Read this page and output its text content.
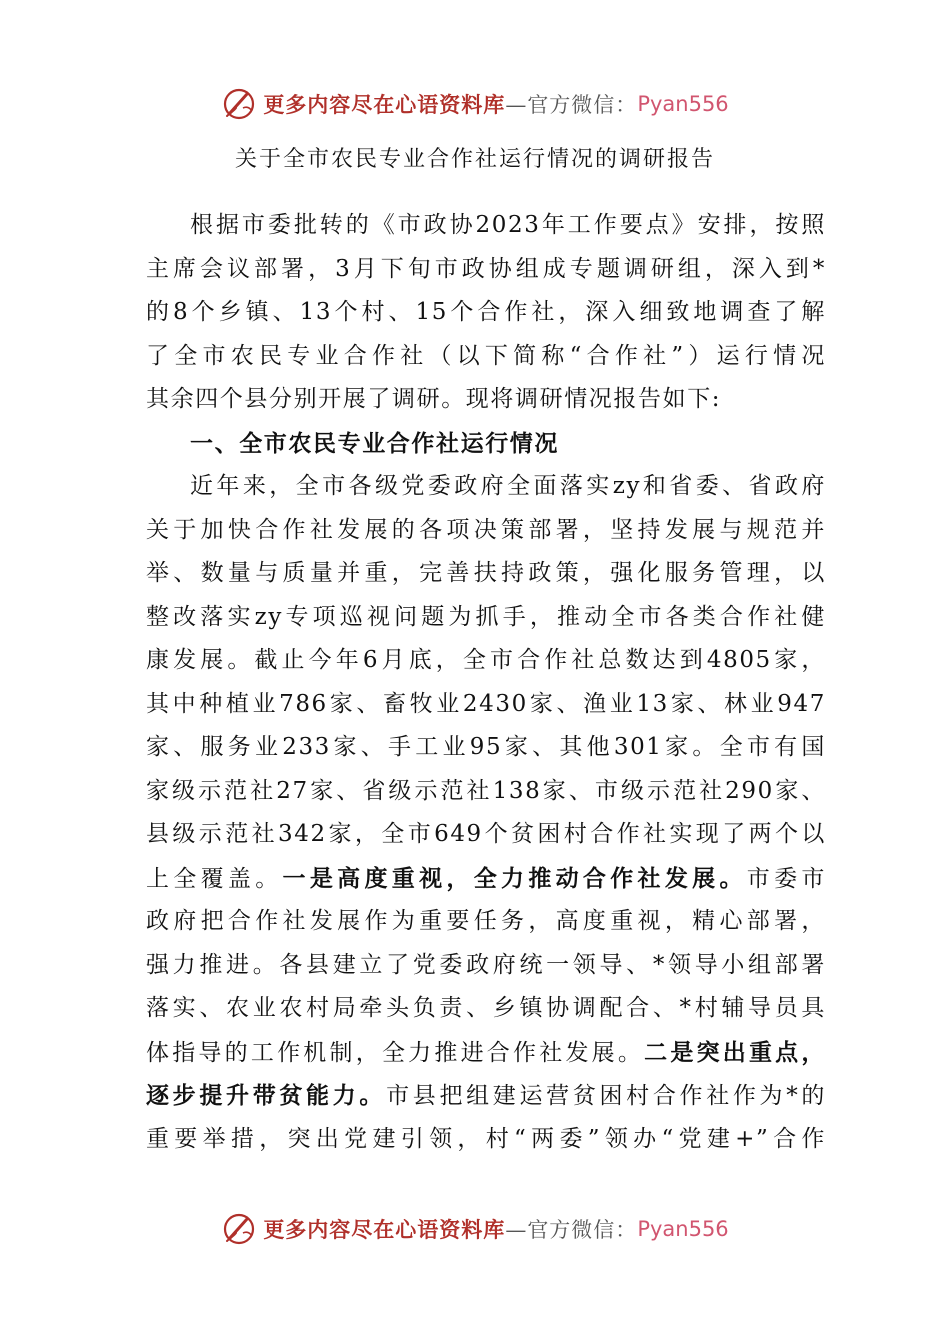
更多内容尽在心语资料库 —官方微信： Pyan556
关于全市农民专业合作社运行情况的调研报告
根据市委批转的《市政协2023年工作要点》安排，按照
主席会议部署，3月下旬市政协组成专题调研组，深入到*
的8个乡镇、13个村、15个合作社，深入细致地调查了解
了全市农民专业合作社（以下简称“合作社”）运行情况
其余四个县分别开展了调研。现将调研情况报告如下:
一、全市农民专业合作社运行情况
近年来，全市各级党委政府全面落实zy和省委、省政府
关于加快合作社发展的各项决策部署，坚持发展与规范并
举、数量与质量并重，完善扶持政策，强化服务管理，以
整改落实zy专项巡视问题为抓手，推动全市各类合作社健
康发展。截止今年6月底，全市合作社总数达到4805家，
其中种植业786家、畜牧业2430家、渔业13家、林业947
家、服务业233家、手工业95家、其他301家。全市有国
家级示范社27家、省级示范社138家、市级示范社290家、
县级示范社342家，全市649个贫困村合作社实现了两个以
上全覆盖。一是高度重视，全力推动合作社发展。市委市
政府把合作社发展作为重要任务，高度重视，精心部署，
强力推进。各县建立了党委政府统一领导、*领导小组部署
落实、农业农村局牵头负责、乡镇协调配合、*村辅导员具
体指导的工作机制，全力推进合作社发展。二是突出重点，
逐步提升带贫能力。市县把组建运营贫困村合作社作为*的
重要举措，突出党建引领，村“两委”领办“党建+”合作
更多内容尽在心语资料库 —官方微信： Pyan556
